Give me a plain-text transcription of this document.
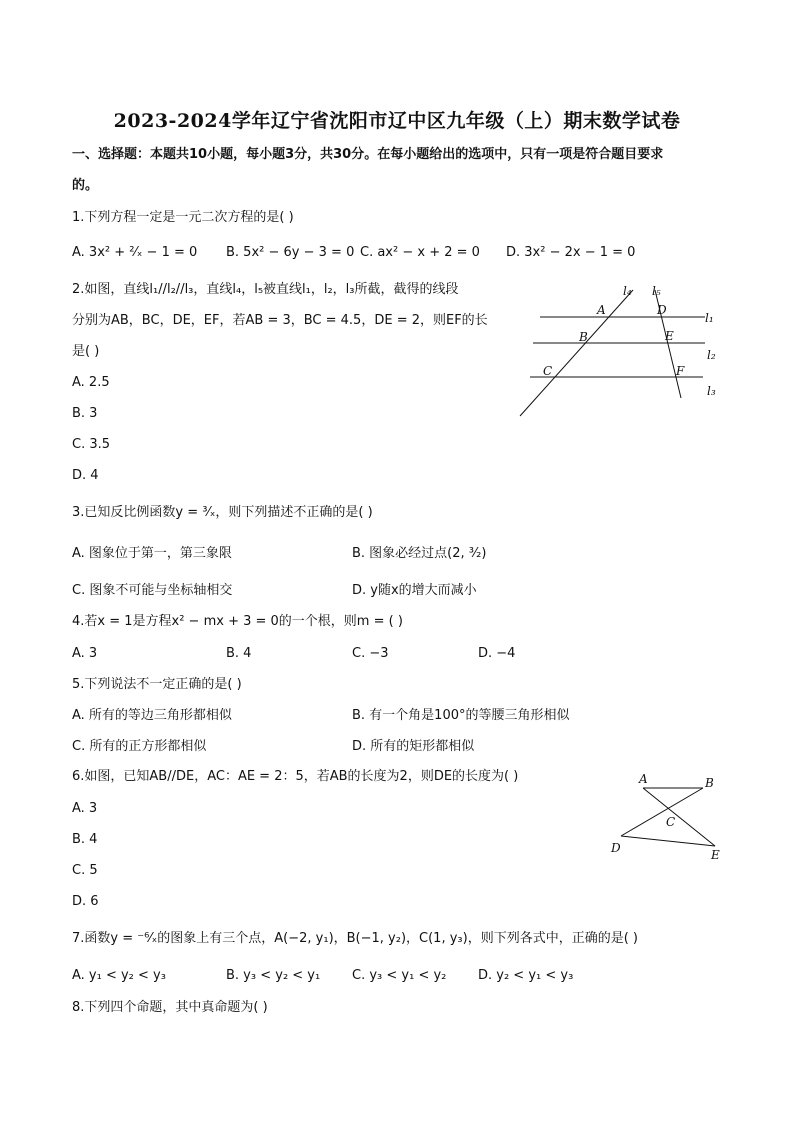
2023-2024学年辽宁省沈阳市辽中区九年级（上）期末数学试卷
一、选择题：本题共10小题，每小题3分，共30分。在每小题给出的选项中，只有一项是符合题目要求
的。
1.下列方程一定是一元二次方程的是( )
A. 3x² + ²⁄ₓ − 1 = 0 B. 5x² − 6y − 3 = 0 C. ax² − x + 2 = 0 D. 3x² − 2x − 1 = 0
2.如图，直线l₁//l₂//l₃，直线l₄，l₅被直线l₁，l₂，l₃所截，截得的线段
分别为AB，BC，DE，EF，若AB = 3，BC = 4.5，DE = 2，则EF的长
是( )
A. 2.5
B. 3
C. 3.5
D. 4
l₄ l₅
l₁
l₂
l₃
A	D
B	E
C	F
3.已知反比例函数y = ³⁄ₓ，则下列描述不正确的是( )
A. 图象位于第一，第三象限	B. 图象必经过点(2, ³⁄₂)
C. 图象不可能与坐标轴相交	D. y随x的增大而减小
4.若x = 1是方程x² − mx + 3 = 0的一个根，则m = ( )
A. 3	B. 4	C. −3	D. −4
5.下列说法不一定正确的是( )
A. 所有的等边三角形都相似	B. 有一个角是100°的等腰三角形相似
C. 所有的正方形都相似	D. 所有的矩形都相似
6.如图，已知AB//DE，AC：AE = 2：5，若AB的长度为2，则DE的长度为( )
A. 3
B. 4
C. 5
D. 6
A	B
C
D	E
7.函数y = ⁻⁶⁄ₓ的图象上有三个点，A(−2, y₁)，B(−1, y₂)，C(1, y₃)，则下列各式中，正确的是( )
A. y₁ < y₂ < y₃	B. y₃ < y₂ < y₁ C. y₃ < y₁ < y₂ D. y₂ < y₁ < y₃
8.下列四个命题，其中真命题为( )
